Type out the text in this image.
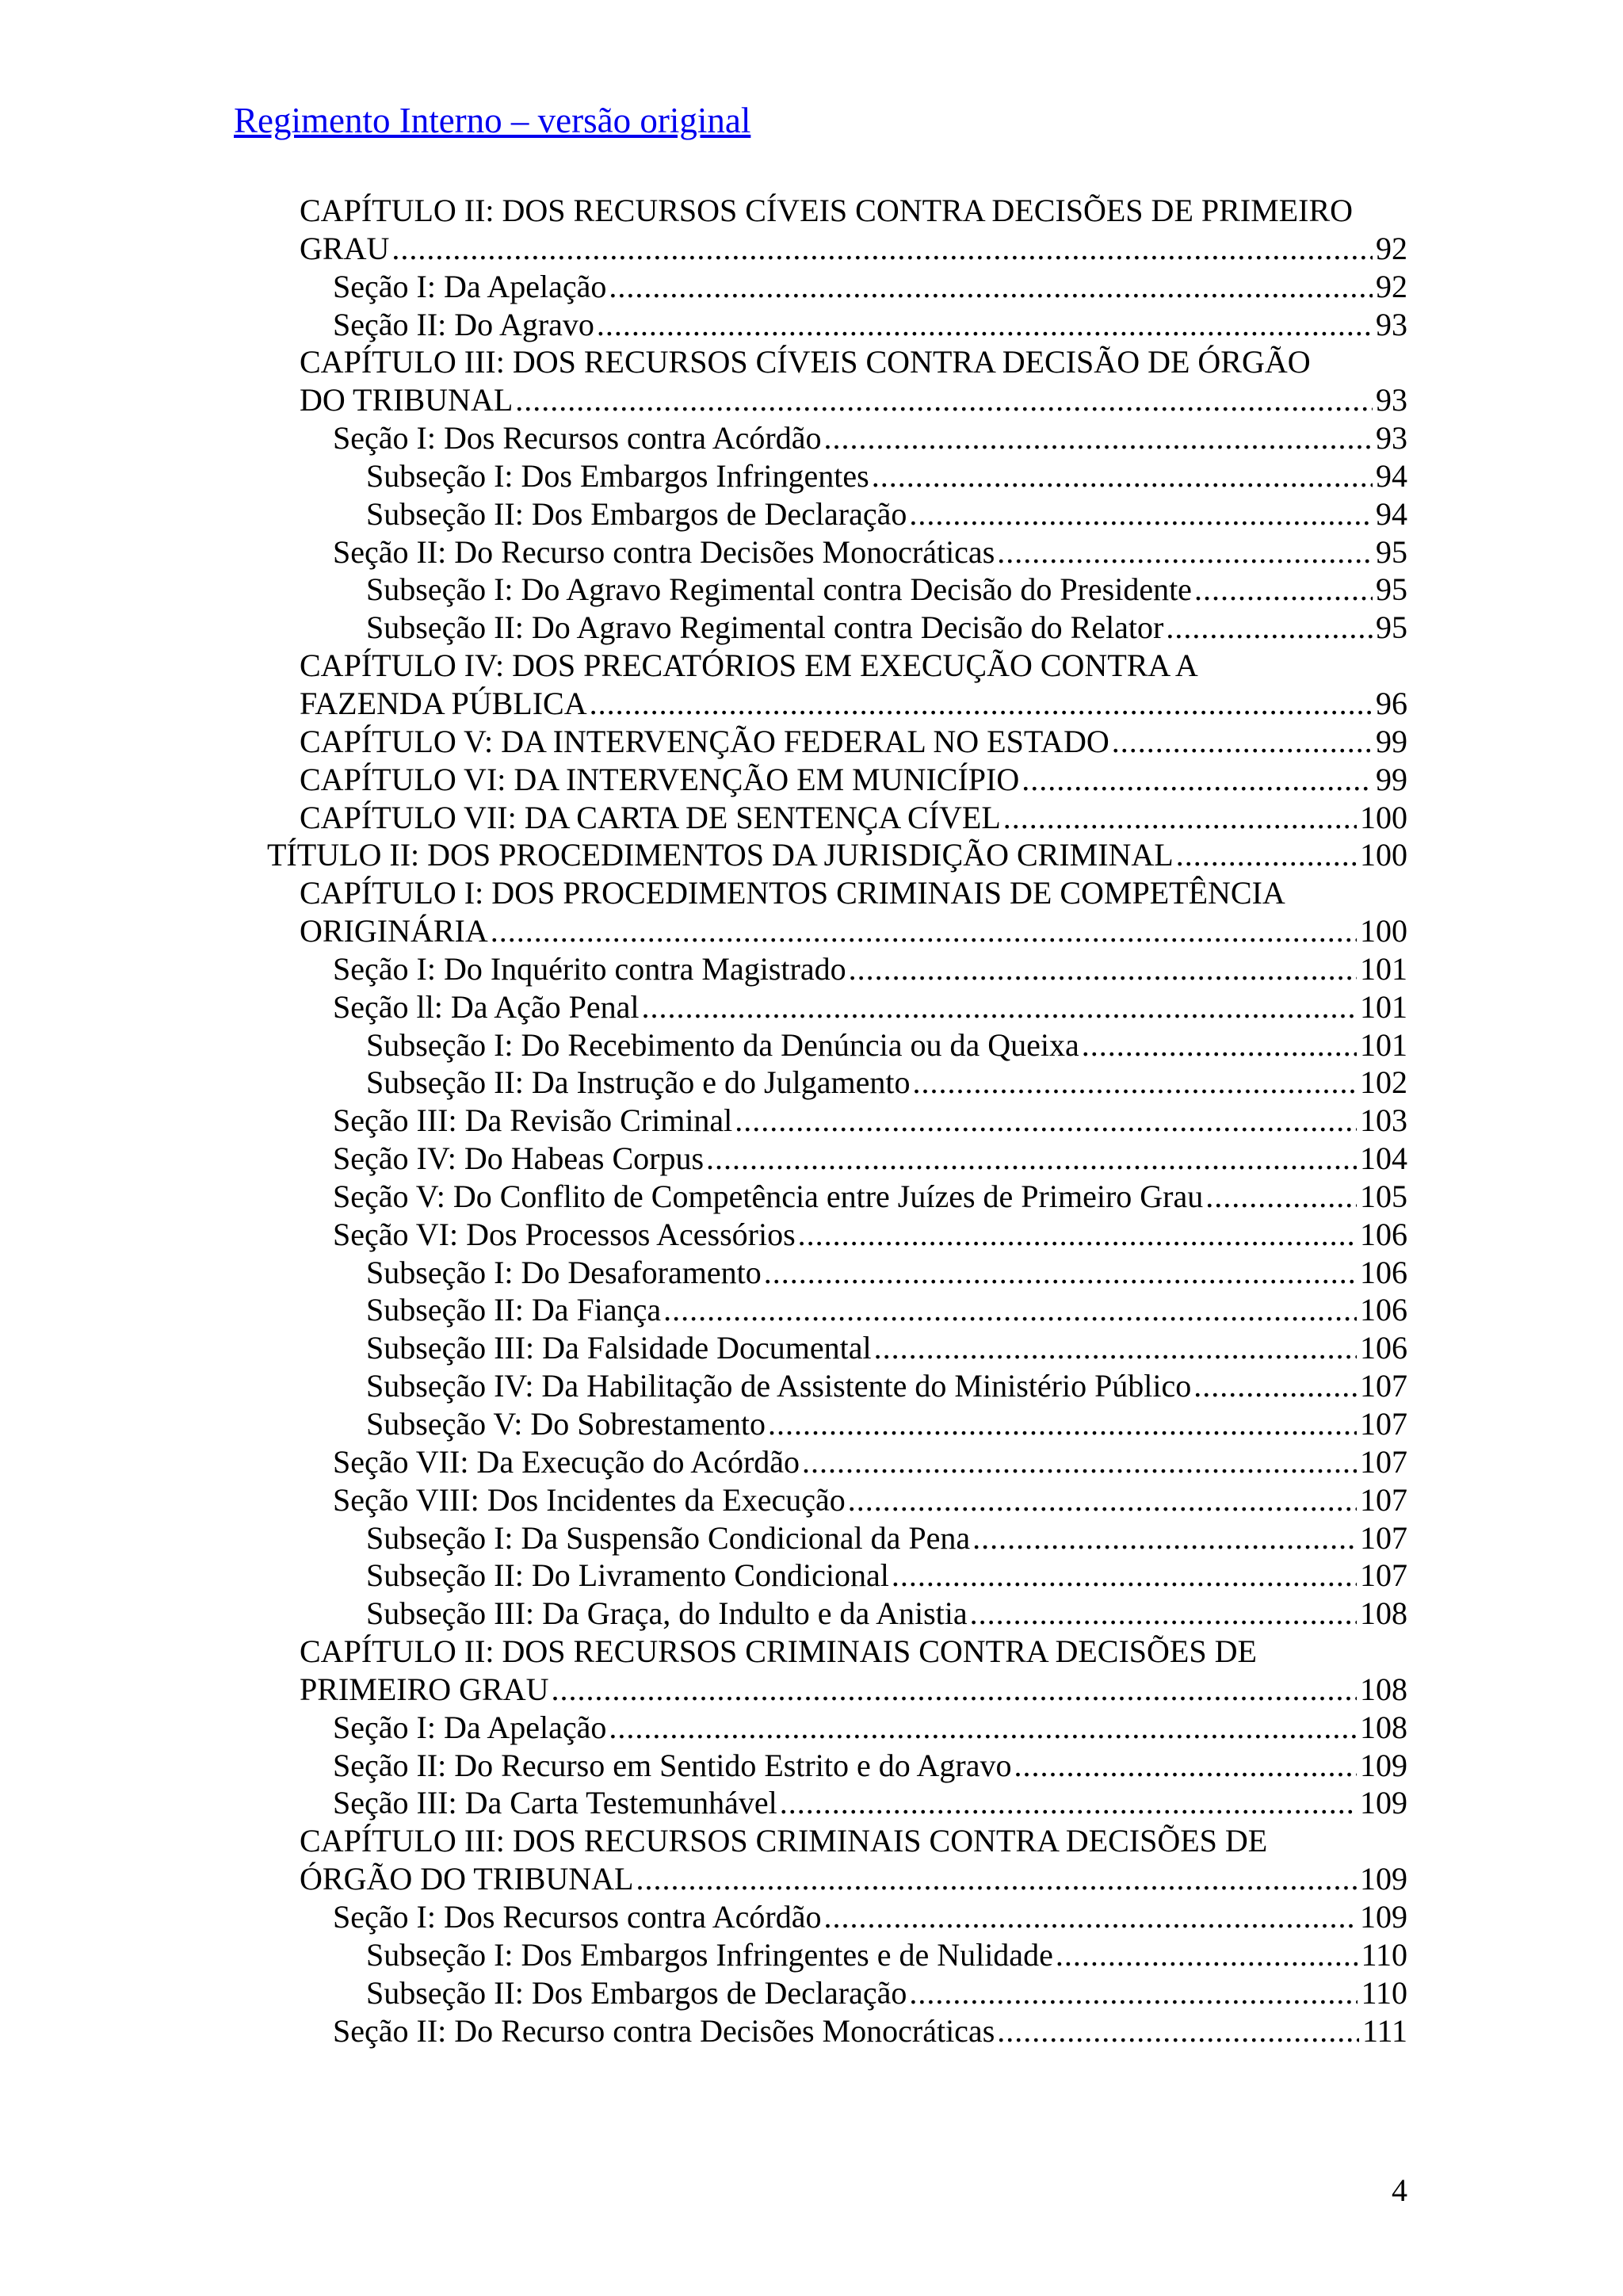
Regimento Interno – versão original
CAPÍTULO II: DOS RECURSOS CÍVEIS CONTRA DECISÕES DE PRIMEIRO
GRAU .....	92
Seção I: Da Apelação .....	92
Seção II: Do Agravo .....	93
CAPÍTULO III: DOS RECURSOS CÍVEIS CONTRA DECISÃO DE ÓRGÃO
DO TRIBUNAL .....	93
Seção I: Dos Recursos contra Acórdão .....	93
Subseção I: Dos Embargos Infringentes .....	94
Subseção II: Dos Embargos de Declaração .....	94
Seção II: Do Recurso contra Decisões Monocráticas .....	95
Subseção I: Do Agravo Regimental contra Decisão do Presidente .....	95
Subseção II: Do Agravo Regimental contra Decisão do Relator .....	95
CAPÍTULO IV: DOS PRECATÓRIOS EM EXECUÇÃO CONTRA A
FAZENDA PÚBLICA .....	96
CAPÍTULO V: DA INTERVENÇÃO FEDERAL NO ESTADO .....	99
CAPÍTULO VI: DA INTERVENÇÃO EM MUNICÍPIO .....	99
CAPÍTULO VII: DA CARTA DE SENTENÇA CÍVEL .....	100
TÍTULO II: DOS PROCEDIMENTOS DA JURISDIÇÃO CRIMINAL .....	100
CAPÍTULO I: DOS PROCEDIMENTOS CRIMINAIS DE COMPETÊNCIA
ORIGINÁRIA .....	100
Seção I: Do Inquérito contra Magistrado .....	101
Seção ll: Da Ação Penal .....	101
Subseção I: Do Recebimento da Denúncia ou da Queixa .....	101
Subseção II: Da Instrução e do Julgamento .....	102
Seção III: Da Revisão Criminal .....	103
Seção IV: Do Habeas Corpus .....	104
Seção V: Do Conflito de Competência entre Juízes de Primeiro Grau .....	105
Seção VI: Dos Processos Acessórios .....	106
Subseção I: Do Desaforamento .....	106
Subseção II: Da Fiança .....	106
Subseção III: Da Falsidade Documental .....	106
Subseção IV: Da Habilitação de Assistente do Ministério Público .....	107
Subseção V: Do Sobrestamento .....	107
Seção VII: Da Execução do Acórdão .....	107
Seção VIII: Dos Incidentes da Execução .....	107
Subseção I: Da Suspensão Condicional da Pena .....	107
Subseção II: Do Livramento Condicional .....	107
Subseção III: Da Graça, do Indulto e da Anistia .....	108
CAPÍTULO II: DOS RECURSOS CRIMINAIS CONTRA DECISÕES DE
PRIMEIRO GRAU .....	108
Seção I: Da Apelação .....	108
Seção II: Do Recurso em Sentido Estrito e do Agravo .....	109
Seção III: Da Carta Testemunhável .....	109
CAPÍTULO III: DOS RECURSOS CRIMINAIS CONTRA DECISÕES DE
ÓRGÃO DO TRIBUNAL .....	109
Seção I: Dos Recursos contra Acórdão .....	109
Subseção I: Dos Embargos Infringentes e de Nulidade .....	110
Subseção II: Dos Embargos de Declaração .....	110
Seção II: Do Recurso contra Decisões Monocráticas .....	111
4
